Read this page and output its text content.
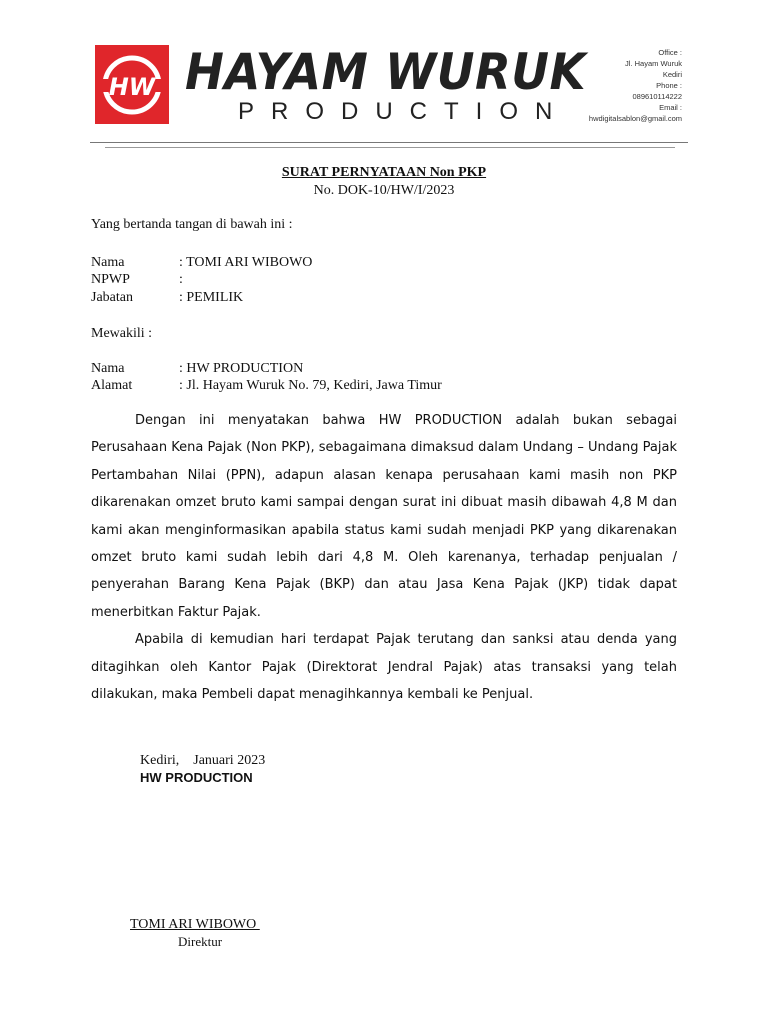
HW HAYAM WURUK
PRODUCTION
Office :
Jl. Hayam Wuruk
Kediri
Phone :
089610114222
Email :
hwdigitalsablon@gmail.com
SURAT PERNYATAAN Non PKP
No. DOK-10/HW/I/2023
Yang bertanda tangan di bawah ini :
Nama	: TOMI ARI WIBOWO
NPWP	:
Jabatan	: PEMILIK
Mewakili :
Nama	: HW PRODUCTION
Alamat	: Jl. Hayam Wuruk No. 79, Kediri, Jawa Timur

Dengan ini menyatakan bahwa HW PRODUCTION adalah bukan sebagai Perusahaan Kena Pajak (Non PKP), sebagaimana dimaksud dalam Undang – Undang Pajak Pertambahan Nilai (PPN), adapun alasan kenapa perusahaan kami masih non PKP dikarenakan omzet bruto kami sampai dengan surat ini dibuat masih dibawah 4,8 M dan kami akan menginformasikan apabila status kami sudah menjadi PKP yang dikarenakan omzet bruto kami sudah lebih dari 4,8 M. Oleh karenanya, terhadap penjualan / penyerahan Barang Kena Pajak (BKP) dan atau Jasa Kena Pajak (JKP) tidak dapat menerbitkan Faktur Pajak.

Apabila di kemudian hari terdapat Pajak terutang dan sanksi atau denda yang ditagihkan oleh Kantor Pajak (Direktorat Jendral Pajak) atas transaksi yang telah dilakukan, maka Pembeli dapat menagihkannya kembali ke Penjual.

Kediri,    Januari 2023
HW PRODUCTION
TOMI ARI WIBOWO
Direktur
